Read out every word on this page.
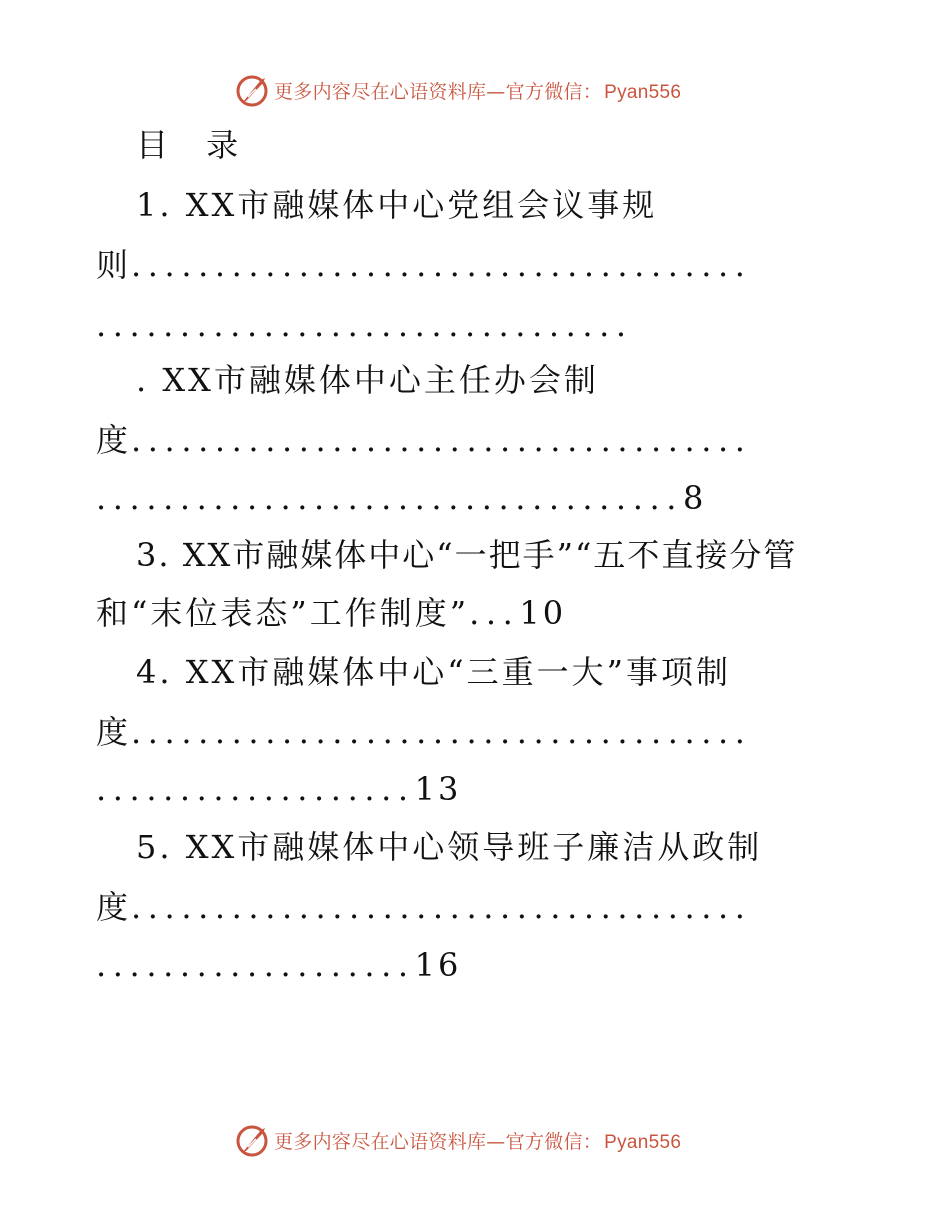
更多内容尽在心语资料库—官方微信： Pyan556
目 录
1. XX市融媒体中心党组会议事规
则.....................................
................................
. XX市融媒体中心主任办会制
度.....................................
...................................8
3. XX市融媒体中心“一把手”“五不直接分管
和“末位表态”工作制度”...10
4. XX市融媒体中心“三重一大”事项制
度.....................................
...................13
5. XX市融媒体中心领导班子廉洁从政制
度.....................................
...................16
更多内容尽在心语资料库—官方微信： Pyan556
